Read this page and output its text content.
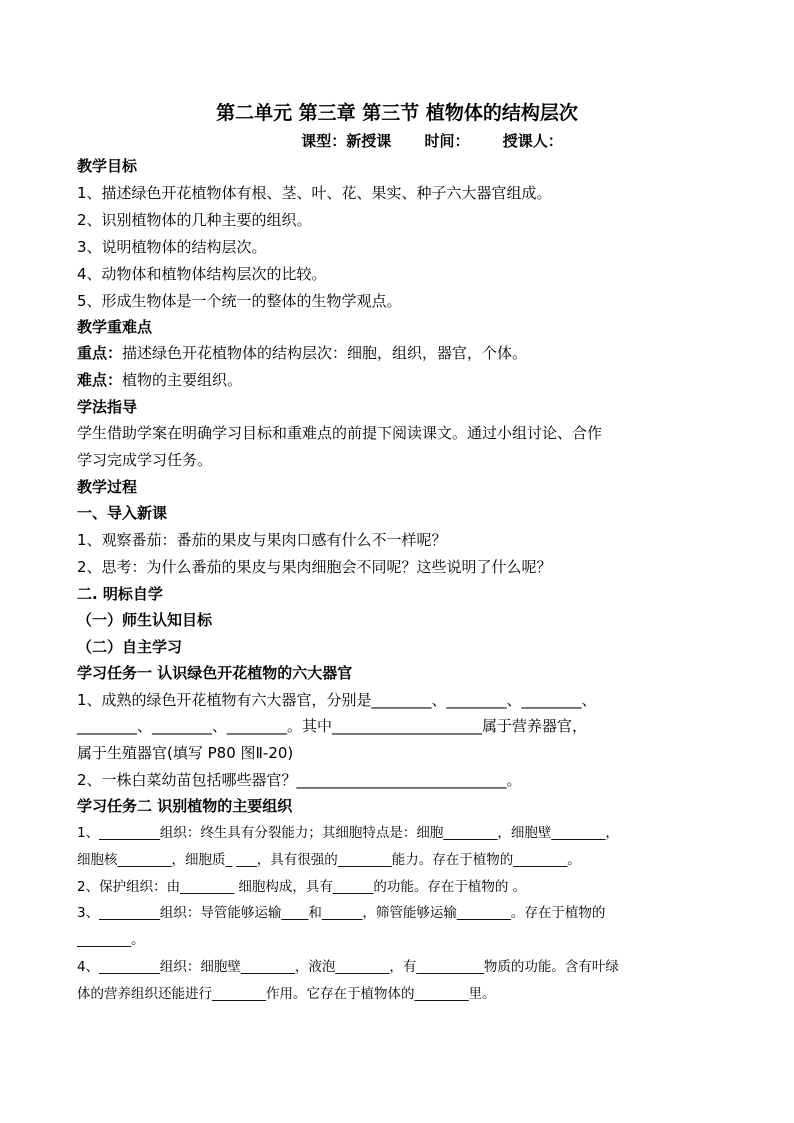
第二单元 第三章 第三节 植物体的结构层次
课型：新授课 时间： 授课人：
教学目标
1、描述绿色开花植物体有根、茎、叶、花、果实、种子六大器官组成。
2、识别植物体的几种主要的组织。
3、说明植物体的结构层次。
4、动物体和植物体结构层次的比较。
5、形成生物体是一个统一的整体的生物学观点。
教学重难点
重点：描述绿色开花植物体的结构层次：细胞，组织，器官，个体。
难点：植物的主要组织。
学法指导
学生借助学案在明确学习目标和重难点的前提下阅读课文。通过小组讨论、合作
学习完成学习任务。
教学过程
一、导入新课
1、观察番茄：番茄的果皮与果肉口感有什么不一样呢？
2、思考：为什么番茄的果皮与果肉细胞会不同呢？这些说明了什么呢？
二. 明标自学
（一）师生认知目标
（二）自主学习
学习任务一 认识绿色开花植物的六大器官
1、成熟的绿色开花植物有六大器官，分别是________、________、________、
________、________、________。其中____________________属于营养器官，
属于生殖器官(填写 P80 图Ⅱ-20)
2、一株白菜幼苗包括哪些器官？____________________________。
学习任务二 识别植物的主要组织
1、_________组织：终生具有分裂能力；其细胞特点是：细胞________，细胞壁________，
细胞核________，细胞质_ ___，具有很强的________能力。存在于植物的________。
2、保护组织：由________ 细胞构成，具有______的功能。存在于植物的 。
3、_________组织：导管能够运输____和______，筛管能够运输________。存在于植物的
________。
4、_________组织：细胞壁________，液泡________，有__________物质的功能。含有叶绿
体的营养组织还能进行________作用。它存在于植物体的________里。
